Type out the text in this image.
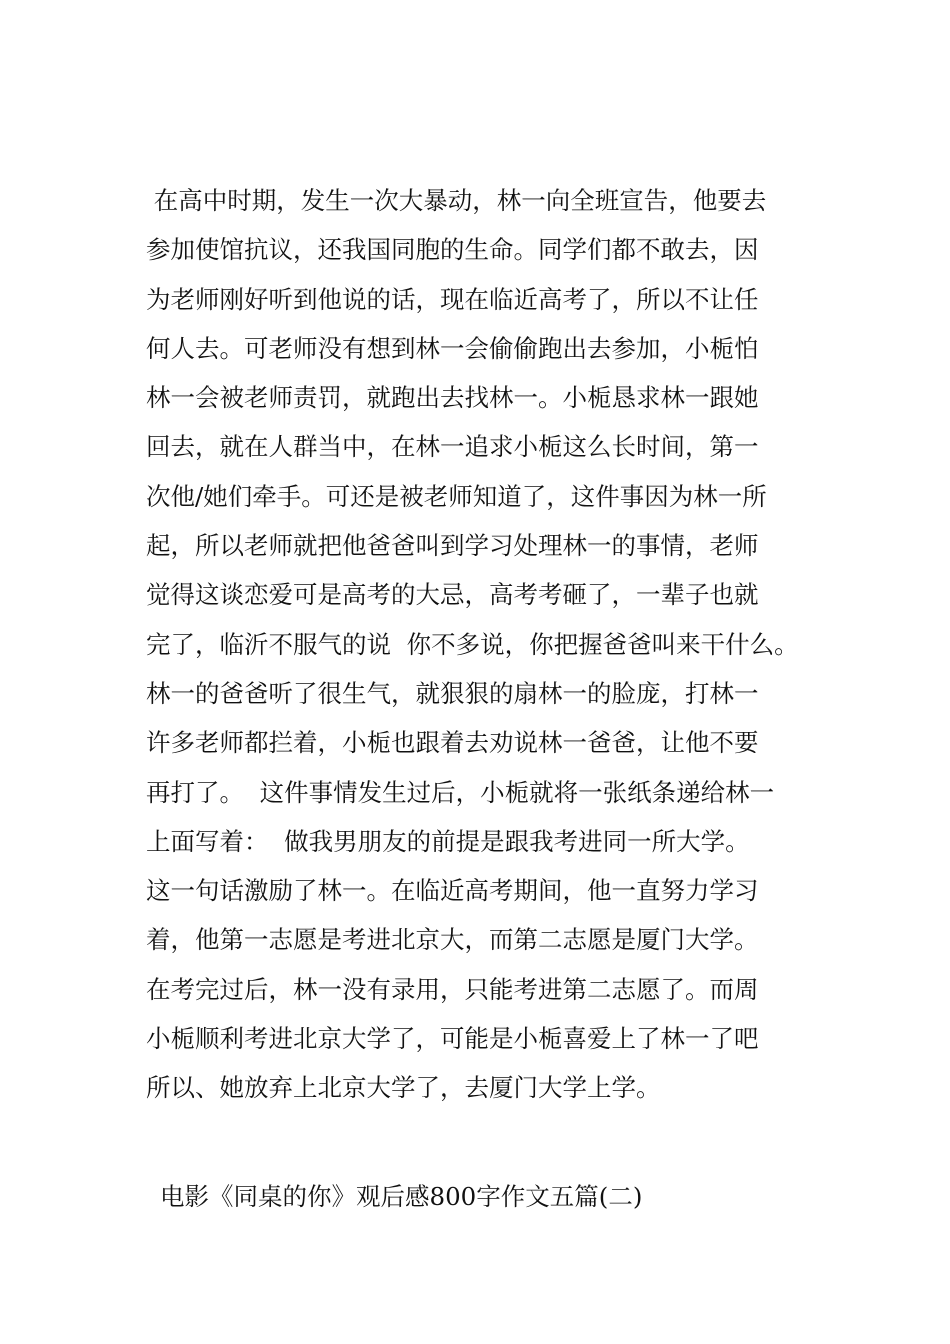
在高中时期，发生一次大暴动，林一向全班宣告，他要去
参加使馆抗议，还我国同胞的生命。同学们都不敢去，因
为老师刚好听到他说的话，现在临近高考了，所以不让任
何人去。可老师没有想到林一会偷偷跑出去参加，小栀怕
林一会被老师责罚，就跑出去找林一。小栀恳求林一跟她
回去，就在人群当中，在林一追求小栀这么长时间，第一
次他/她们牵手。可还是被老师知道了，这件事因为林一所
起，所以老师就把他爸爸叫到学习处理林一的事情，老师
觉得这谈恋爱可是高考的大忌，高考考砸了，一辈子也就
完了，临沂不服气的说  你不多说，你把握爸爸叫来干什么。
林一的爸爸听了很生气，就狠狠的扇林一的脸庞，打林一
许多老师都拦着，小栀也跟着去劝说林一爸爸，让他不要
再打了。  这件事情发生过后，小栀就将一张纸条递给林一
上面写着：  做我男朋友的前提是跟我考进同一所大学。
这一句话激励了林一。在临近高考期间，他一直努力学习
着，他第一志愿是考进北京大，而第二志愿是厦门大学。
在考完过后，林一没有录用，只能考进第二志愿了。而周
小栀顺利考进北京大学了，可能是小栀喜爱上了林一了吧
所以、她放弃上北京大学了，去厦门大学上学。
电影《同桌的你》观后感800字作文五篇(二)
